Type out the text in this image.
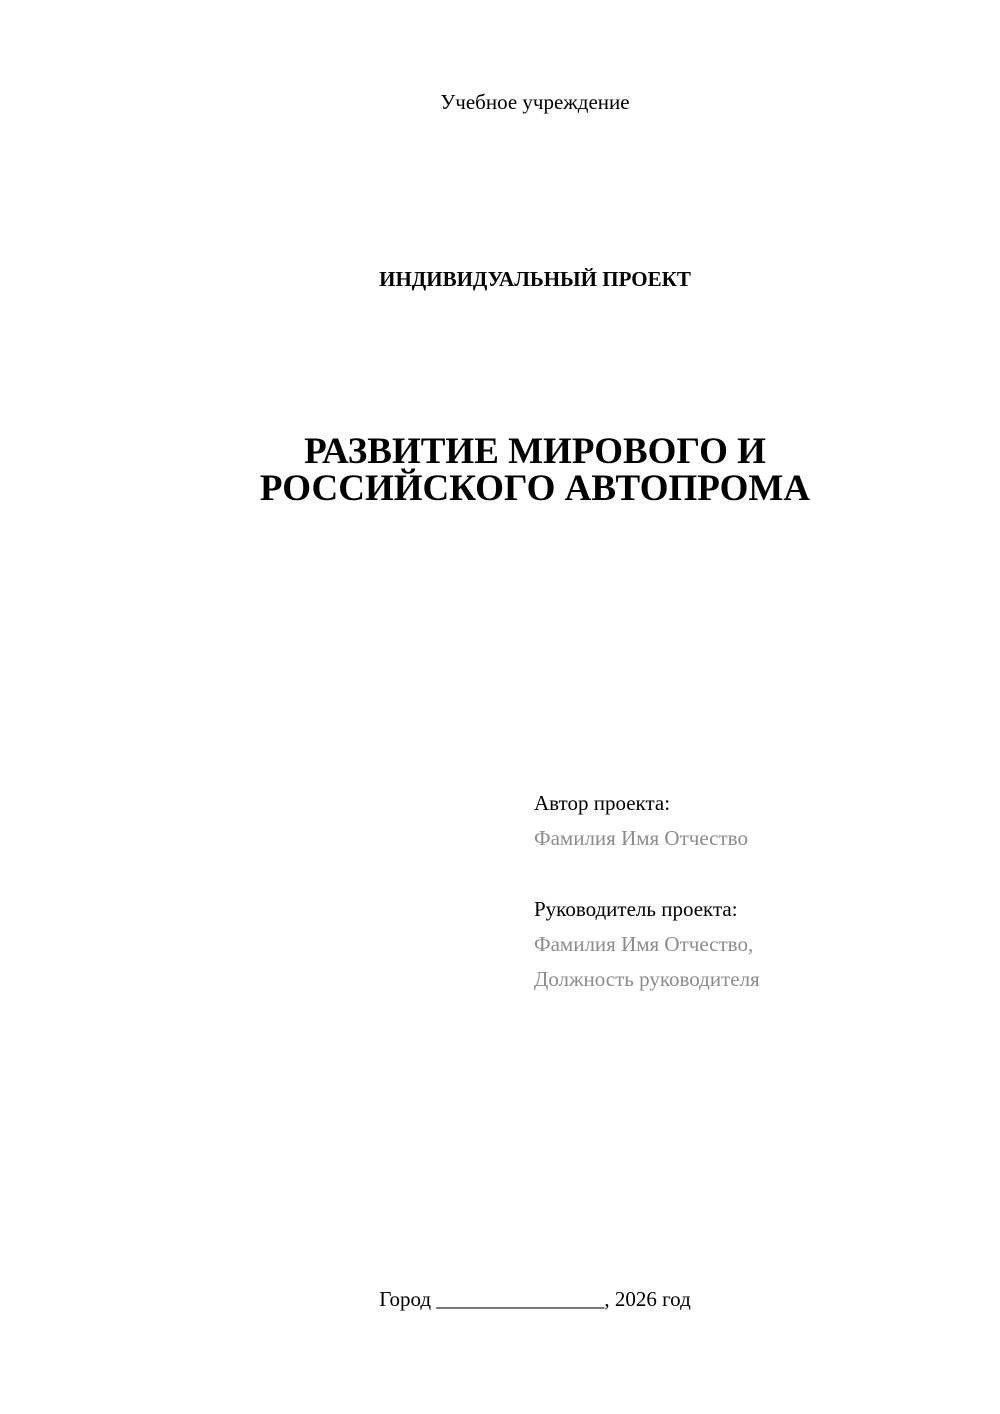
Учебное учреждение
ИНДИВИДУАЛЬНЫЙ ПРОЕКТ
РАЗВИТИЕ МИРОВОГО И
РОССИЙСКОГО АВТОПРОМА
Автор проекта:
Фамилия Имя Отчество
Руководитель проекта:
Фамилия Имя Отчество,
Должность руководителя
Город ________________, 2026 год
